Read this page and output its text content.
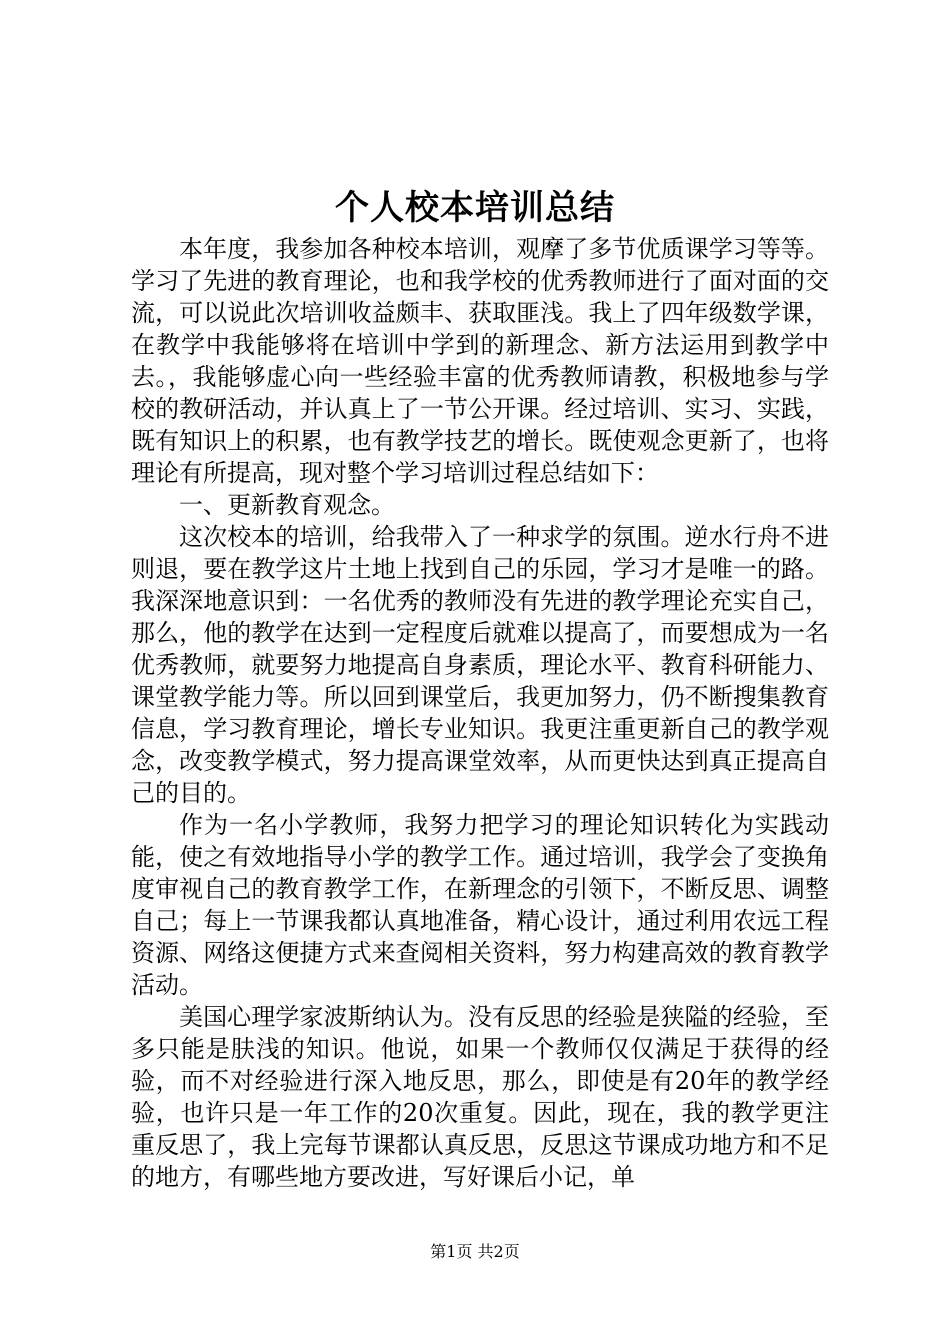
个人校本培训总结

本年度，我参加各种校本培训，观摩了多节优质课学习等等。学习了先进的教育理论，也和我学校的优秀教师进行了面对面的交流，可以说此次培训收益颇丰、获取匪浅。我上了四年级数学课，在教学中我能够将在培训中学到的新理念、新方法运用到教学中去。，我能够虚心向一些经验丰富的优秀教师请教，积极地参与学校的教研活动，并认真上了一节公开课。经过培训、实习、实践，既有知识上的积累，也有教学技艺的增长。既使观念更新了，也将理论有所提高，现对整个学习培训过程总结如下：

一、更新教育观念。

这次校本的培训，给我带入了一种求学的氛围。逆水行舟不进则退，要在教学这片土地上找到自己的乐园，学习才是唯一的路。我深深地意识到：一名优秀的教师没有先进的教学理论充实自己，那么，他的教学在达到一定程度后就难以提高了，而要想成为一名优秀教师，就要努力地提高自身素质，理论水平、教育科研能力、课堂教学能力等。所以回到课堂后，我更加努力，仍不断搜集教育信息，学习教育理论，增长专业知识。我更注重更新自己的教学观念，改变教学模式，努力提高课堂效率，从而更快达到真正提高自己的目的。

作为一名小学教师，我努力把学习的理论知识转化为实践动能，使之有效地指导小学的教学工作。通过培训，我学会了变换角度审视自己的教育教学工作，在新理念的引领下，不断反思、调整自己；每上一节课我都认真地准备，精心设计，通过利用农远工程资源、网络这便捷方式来查阅相关资料，努力构建高效的教育教学活动。

美国心理学家波斯纳认为。没有反思的经验是狭隘的经验，至多只能是肤浅的知识。他说，如果一个教师仅仅满足于获得的经验，而不对经验进行深入地反思，那么，即使是有20年的教学经验，也许只是一年工作的20次重复。因此，现在，我的教学更注重反思了，我上完每节课都认真反思，反思这节课成功地方和不足的地方，有哪些地方要改进，写好课后小记，单

第1页 共2页
